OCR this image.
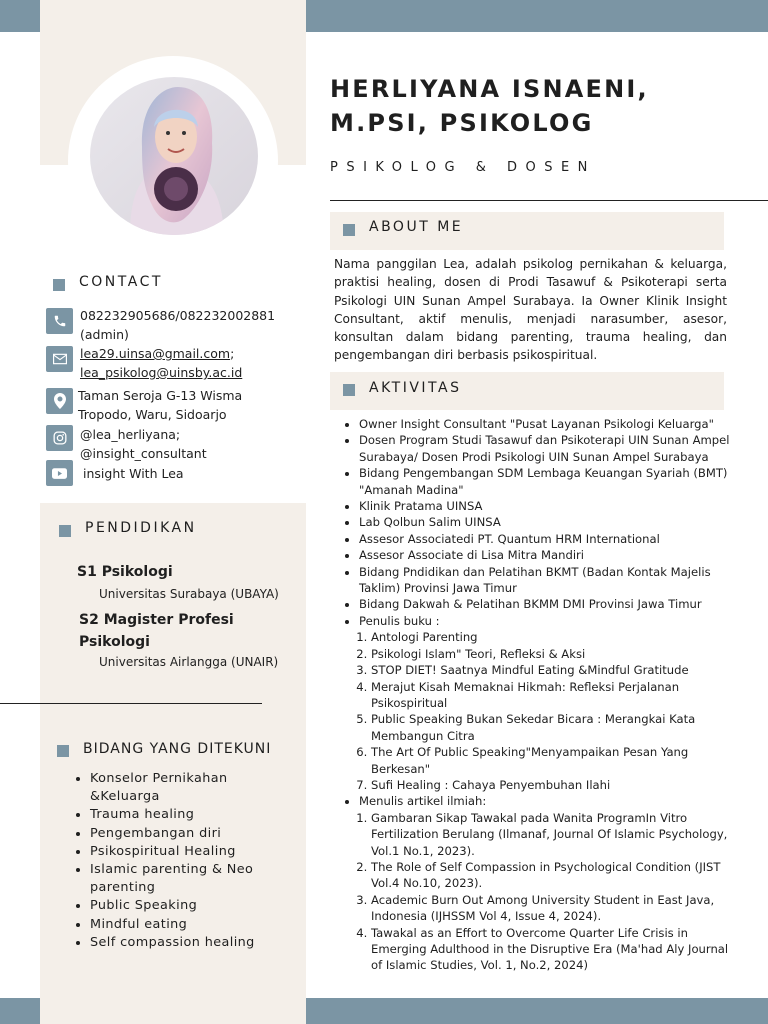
HERLIYANA ISNAENI, M.PSI, PSIKOLOG
PSIKOLOG & DOSEN
ABOUT ME
Nama panggilan Lea, adalah psikolog pernikahan & keluarga, praktisi healing, dosen di Prodi Tasawuf & Psikoterapi serta Psikologi UIN Sunan Ampel Surabaya. Ia Owner Klinik Insight Consultant, aktif menulis, menjadi narasumber, asesor, konsultan dalam bidang parenting, trauma healing, dan pengembangan diri berbasis psikospiritual.
CONTACT
082232905686/082232002881
(admin)
lea29.uinsa@gmail.com;
lea_psikolog@uinsby.ac.id
Taman Seroja G-13 Wisma
Tropodo, Waru, Sidoarjo
@lea_herliyana;
@insight_consultant
insight With Lea
PENDIDIKAN
S1 Psikologi
Universitas Surabaya (UBAYA)
S2 Magister Profesi Psikologi
Universitas Airlangga (UNAIR)
BIDANG YANG DITEKUNI
• Konselor Pernikahan &Keluarga
• Trauma healing
• Pengembangan diri
• Psikospiritual Healing
• Islamic parenting & Neo parenting
• Public Speaking
• Mindful eating
• Self compassion healing
AKTIVITAS
• Owner Insight Consultant "Pusat Layanan Psikologi Keluarga"
• Dosen Program Studi Tasawuf dan Psikoterapi UIN Sunan Ampel Surabaya/ Dosen Prodi Psikologi UIN Sunan Ampel Surabaya
• Bidang Pengembangan SDM Lembaga Keuangan Syariah (BMT) "Amanah Madina"
• Klinik Pratama UINSA
• Lab Qolbun Salim UINSA
• Assesor Associatedi PT. Quantum HRM International
• Assesor Associate di Lisa Mitra Mandiri
• Bidang Pndidikan dan Pelatihan BKMT (Badan Kontak Majelis Taklim) Provinsi Jawa Timur
• Bidang Dakwah & Pelatihan BKMM DMI Provinsi Jawa Timur
• Penulis buku :
1. Antologi Parenting
2. Psikologi Islam" Teori, Refleksi & Aksi
3. STOP DIET! Saatnya Mindful Eating &Mindful Gratitude
4. Merajut Kisah Memaknai Hikmah: Refleksi Perjalanan Psikospiritual
5. Public Speaking Bukan Sekedar Bicara : Merangkai Kata Membangun Citra
6. The Art Of Public Speaking"Menyampaikan Pesan Yang Berkesan"
7. Sufi Healing : Cahaya Penyembuhan Ilahi
• Menulis artikel ilmiah:
1. Gambaran Sikap Tawakal pada Wanita ProgramIn Vitro Fertilization Berulang (Ilmanaf, Journal Of Islamic Psychology, Vol.1 No.1, 2023).
2. The Role of Self Compassion in Psychological Condition (JIST Vol.4 No.10, 2023).
3. Academic Burn Out Among University Student in East Java, Indonesia (IJHSSM Vol 4, Issue 4, 2024).
4. Tawakal as an Effort to Overcome Quarter Life Crisis in Emerging Adulthood in the Disruptive Era (Ma'had Aly Journal of Islamic Studies, Vol. 1, No.2, 2024)
